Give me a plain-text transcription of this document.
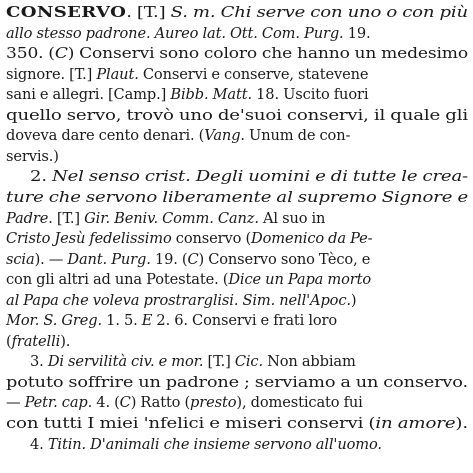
CONSERVO. [T.] S. m. Chi serve con uno o con più
allo stesso padrone. Aureo lat. Ott. Com. Purg. 19.
350. (C) Conservi sono coloro che hanno un medesimo
signore. [T.] Plaut. Conservi e conserve, statevene
sani e allegri. [Camp.] Bibb. Matt. 18. Uscito fuori
quello servo, trovò uno de'suoi conservi, il quale gli
doveva dare cento denari. (Vang. Unum de con-
servis.)
2. Nel senso crist. Degli uomini e di tutte le crea-
ture che servono liberamente al supremo Signore e
Padre. [T.] Gir. Beniv. Comm. Canz. Al suo in
Cristo Jesù fedelissimo conservo (Domenico da Pe-
scia). — Dant. Purg. 19. (C) Conservo sono Tèco, e
con gli altri ad una Potestate. (Dice un Papa morto
al Papa che voleva prostrarglisi. Sim. nell'Apoc.)
Mor. S. Greg. 1. 5. E 2. 6. Conservi e frati loro
(fratelli).
3. Di servilità civ. e mor. [T.] Cic. Non abbiam
potuto soffrire un padrone ; serviamo a un conservo.
— Petr. cap. 4. (C) Ratto (presto), domesticato fui
con tutti I miei 'nfelici e miseri conservi (in amore).
4. Titin. D'animali che insieme servono all'uomo.
